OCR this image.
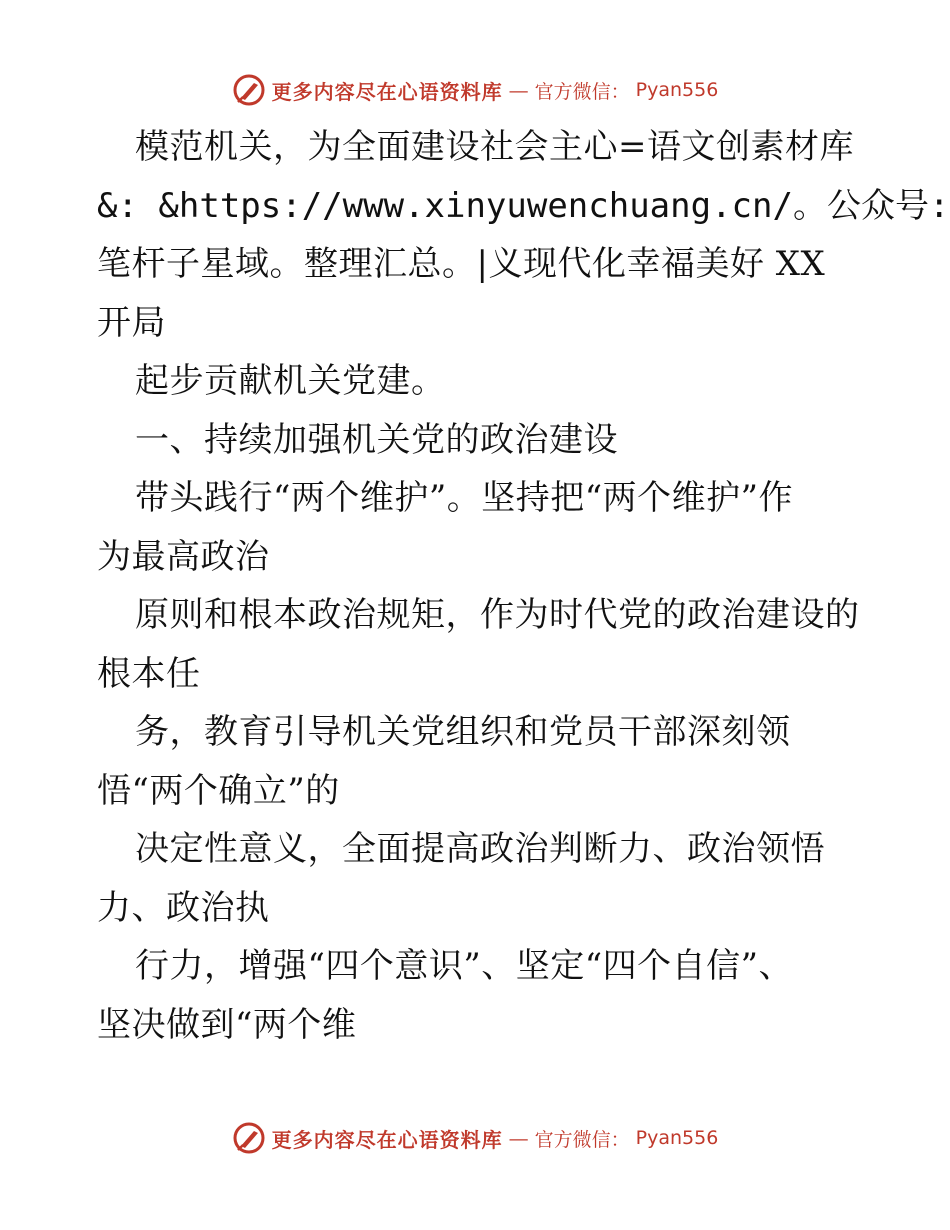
更多内容尽在心语资料库 — 官方微信： Pyan556
模范机关，为全面建设社会主心=语文创素材库
&: &https://www.xinyuwenchuang.cn/。公众号:
笔杆子星域。整理汇总。|义现代化幸福美好 XX
开局
起步贡献机关党建。
一、持续加强机关党的政治建设
带头践行“两个维护”。坚持把“两个维护”作
为最高政治
原则和根本政治规矩，作为时代党的政治建设的
根本任
务，教育引导机关党组织和党员干部深刻领
悟“两个确立”的
决定性意义，全面提高政治判断力、政治领悟
力、政治执
行力，增强“四个意识”、坚定“四个自信”、
坚决做到“两个维
更多内容尽在心语资料库 — 官方微信： Pyan556
